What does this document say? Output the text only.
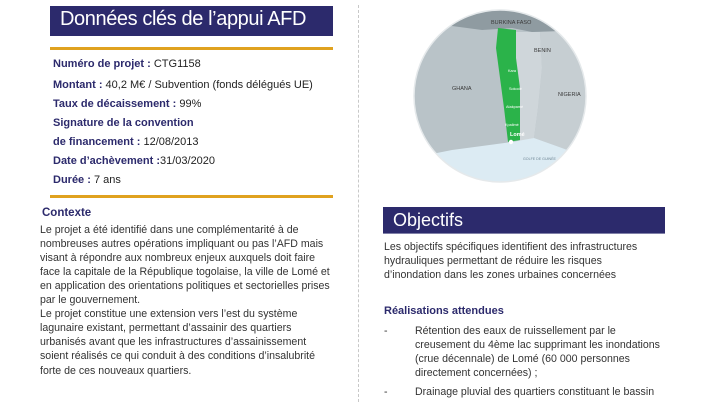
Données clés de l’appui AFD
Numéro de projet : CTG1158
Montant : 40,2 M€ / Subvention (fonds délégués UE)
Taux de décaissement : 99%
Signature de la convention
de financement : 12/08/2013
Date d’achèvement :31/03/2020
Durée : 7 ans
Contexte
Le projet a été identifié dans une complémentarité à de
nombreuses autres opérations impliquant ou pas l’AFD mais
visant à répondre aux nombreux enjeux auxquels doit faire
face la capitale de la République togolaise, la ville de Lomé et
en application des orientations politiques et sectorielles prises
par le gouvernement.
Le projet constitue une extension vers l’est du système
lagunaire existant, permettant d’assainir des quartiers
urbanisés avant que les infrastructures d’assainissement
soient réalisés ce qui conduit à des conditions d’insalubrité
forte de ces nouveaux quartiers.
BURKINA FASO
BENIN
GHANA
NIGERIA
Kara
Sokodé
Atakpamé
Kpalimé
Lomé
GOLFE DE GUINÉE
Objectifs
Les objectifs spécifiques identifient des infrastructures
hydrauliques permettant de réduire les risques
d’inondation dans les zones urbaines concernées
Réalisations attendues
-	Rétention des eaux de ruissellement par le
creusement du 4ème lac supprimant les inondations
(crue décennale) de Lomé (60 000 personnes
directement concernées) ;
-	Drainage pluvial des quartiers constituant le bassin
